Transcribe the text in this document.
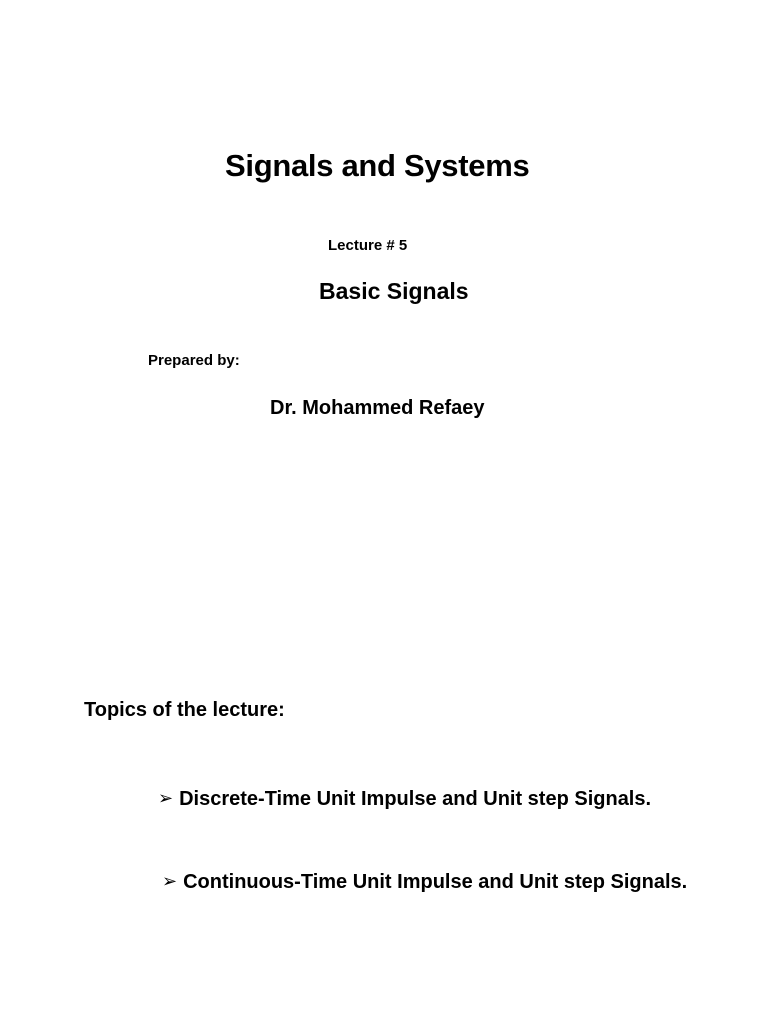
Signals and Systems
Lecture # 5
Basic Signals
Prepared by:
Dr. Mohammed Refaey
Topics of the lecture:
➢ Discrete-Time Unit Impulse and Unit step Signals.
➢ Continuous-Time Unit Impulse and Unit step Signals.
